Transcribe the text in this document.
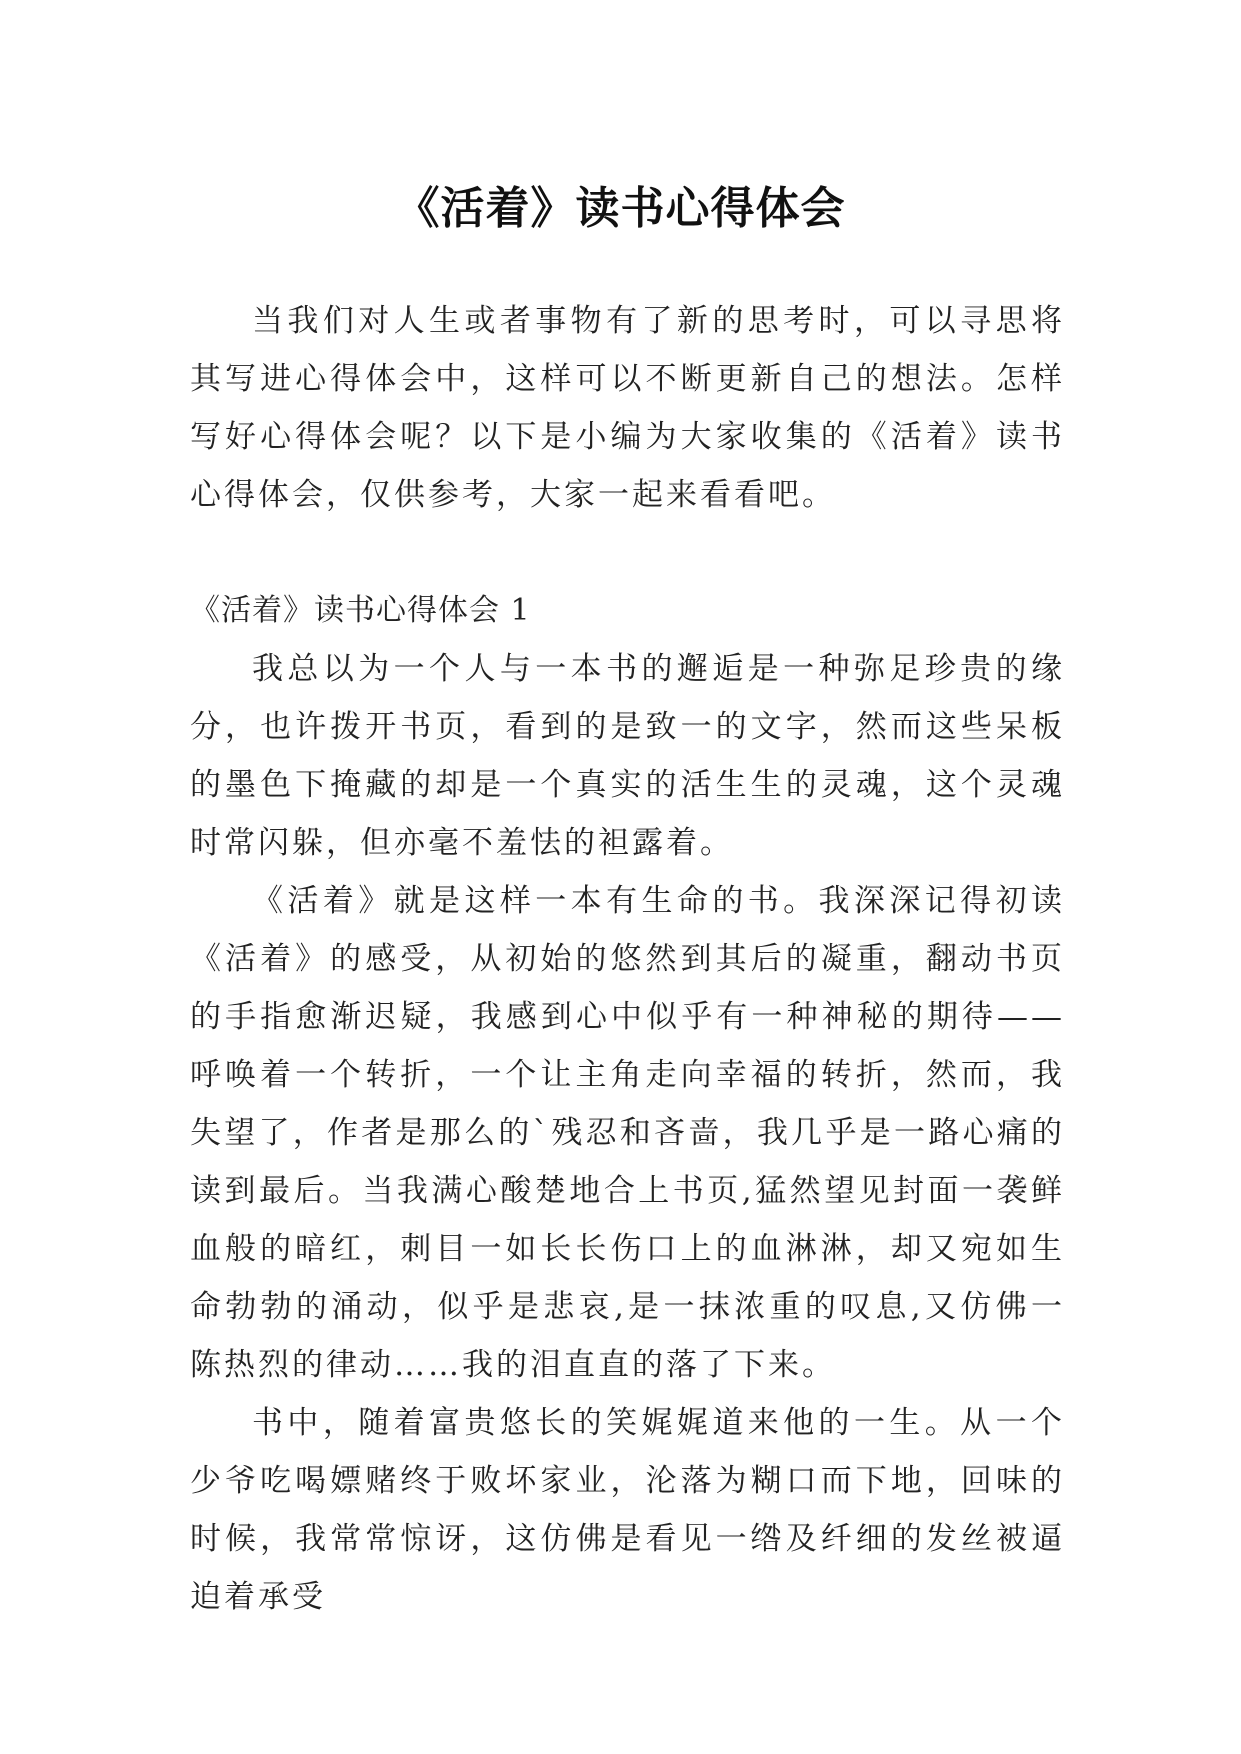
《活着》读书心得体会

当我们对人生或者事物有了新的思考时，可以寻思将其写进心得体会中，这样可以不断更新自己的想法。怎样写好心得体会呢？以下是小编为大家收集的《活着》读书心得体会，仅供参考，大家一起来看看吧。

《活着》读书心得体会 1

我总以为一个人与一本书的邂逅是一种弥足珍贵的缘分，也许拨开书页，看到的是致一的文字，然而这些呆板的墨色下掩藏的却是一个真实的活生生的灵魂，这个灵魂时常闪躲，但亦毫不羞怯的袒露着。

《活着》就是这样一本有生命的书。我深深记得初读《活着》的感受，从初始的悠然到其后的凝重，翻动书页的手指愈渐迟疑，我感到心中似乎有一种神秘的期待——呼唤着一个转折，一个让主角走向幸福的转折，然而，我失望了，作者是那么的`残忍和吝啬，我几乎是一路心痛的读到最后。当我满心酸楚地合上书页,猛然望见封面一袭鲜血般的暗红，刺目一如长长伤口上的血淋淋，却又宛如生命勃勃的涌动，似乎是悲哀,是一抹浓重的叹息,又仿佛一陈热烈的律动……我的泪直直的落了下来。

书中，随着富贵悠长的笑娓娓道来他的一生。从一个少爷吃喝嫖赌终于败坏家业，沦落为糊口而下地，回味的时候，我常常惊讶，这仿佛是看见一绺及纤细的发丝被逼迫着承受
